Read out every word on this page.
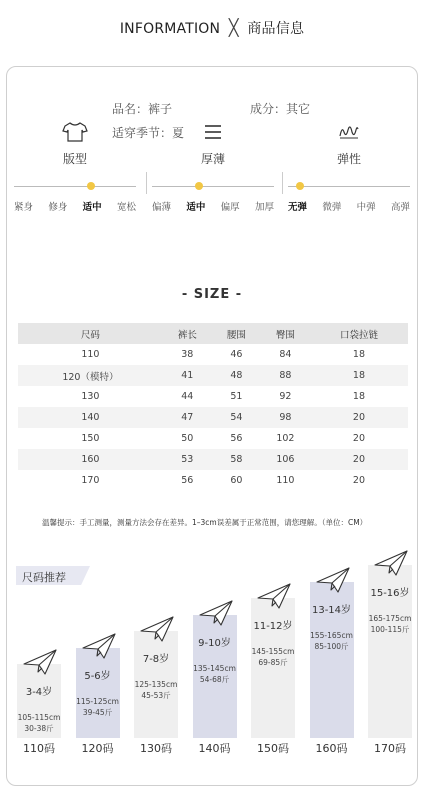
INFORMATION ╳ 商品信息
品名：裤子	成分：其它
适穿季节：夏
版型
紧身 修身 适中 宽松
厚薄
偏薄 适中 偏厚 加厚
弹性
无弹 微弹 中弹 高弹
- SIZE -
尺码	裤长	腰围	臀围	口袋拉链
110	38	46	84	18
120（模特）	41	48	88	18
130	44	51	92	18
140	47	54	98	20
150	50	56	102	20
160	53	58	106	20
170	56	60	110	20
温馨提示：手工测量，测量方法会存在差异。1–3cm误差属于正常范围，请您理解。（单位：CM）
尺码推荐
3-4岁
105-115cm
30-38斤
110码
5-6岁
115-125cm
39-45斤
120码
7-8岁
125-135cm
45-53斤
130码
9-10岁
135-145cm
54-68斤
140码
11-12岁
145-155cm
69-85斤
150码
13-14岁
155-165cm
85-100斤
160码
15-16岁
165-175cm
100-115斤
170码
